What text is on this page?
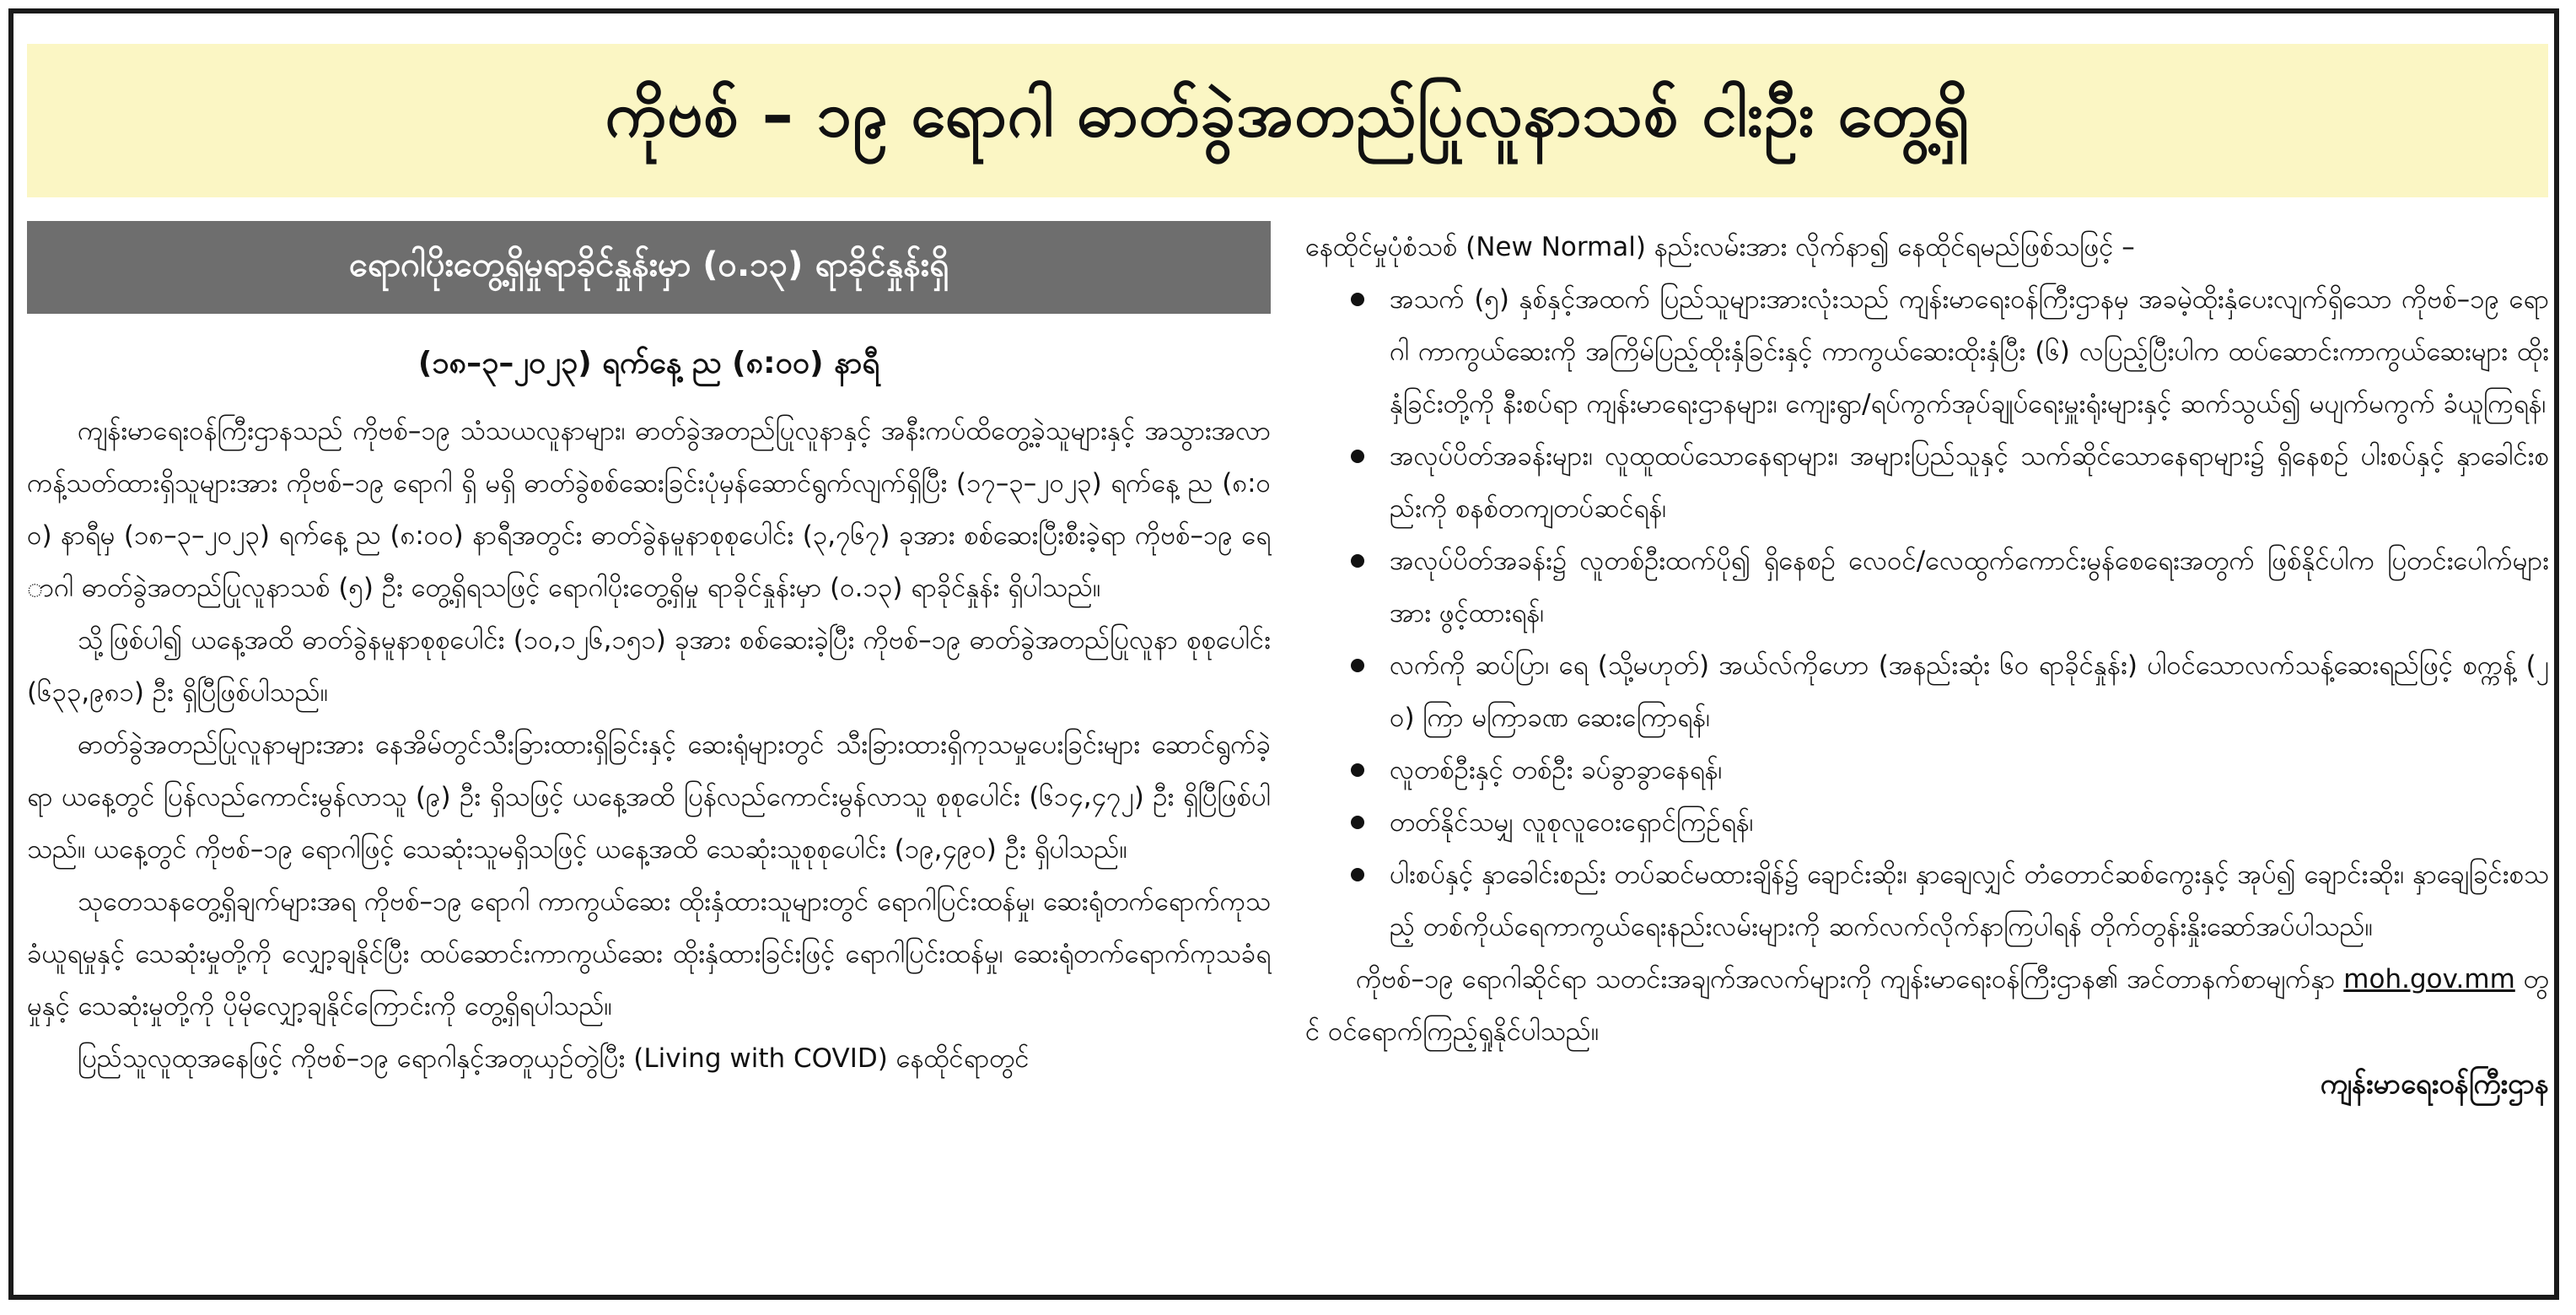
ကိုဗစ် – ၁၉ ရောဂါ ဓာတ်ခွဲအတည်ပြုလူနာသစ် ငါးဦး တွေ့ရှိ
ရောဂါပိုးတွေ့ရှိမှုရာခိုင်နှုန်းမှာ (၀.၁၃) ရာခိုင်နှုန်းရှိ
(၁၈–၃–၂၀၂၃) ရက်နေ့ ည (၈:၀၀) နာရီ

ကျန်းမာရေးဝန်ကြီးဌာနသည် ကိုဗစ်–၁၉ သံသယလူနာများ၊ ဓာတ်ခွဲအတည်ပြုလူနာနှင့် အနီးကပ်ထိတွေ့ခဲ့သူများနှင့် အသွားအလာကန့်သတ်ထားရှိသူများအား ကိုဗစ်–၁၉ ရောဂါ ရှိ မရှိ ဓာတ်ခွဲစစ်ဆေးခြင်းပုံမှန်ဆောင်ရွက်လျက်ရှိပြီး (၁၇–၃–၂၀၂၃) ရက်နေ့ ည (၈:၀၀) နာရီမှ (၁၈–၃–၂၀၂၃) ရက်နေ့ ည (၈:၀၀) နာရီအတွင်း ဓာတ်ခွဲနမူနာစုစုပေါင်း (၃,၇၆၇) ခုအား စစ်ဆေးပြီးစီးခဲ့ရာ ကိုဗစ်–၁၉ ရောဂါ ဓာတ်ခွဲအတည်ပြုလူနာသစ် (၅) ဦး တွေ့ရှိရသဖြင့် ရောဂါပိုးတွေ့ရှိမှု ရာခိုင်နှုန်းမှာ (၀.၁၃) ရာခိုင်နှုန်း ရှိပါသည်။

သို့ဖြစ်ပါ၍ ယနေ့အထိ ဓာတ်ခွဲနမူနာစုစုပေါင်း (၁၀,၁၂၆,၁၅၁) ခုအား စစ်ဆေးခဲ့ပြီး ကိုဗစ်–၁၉ ဓာတ်ခွဲအတည်ပြုလူနာ စုစုပေါင်း (၆၃၃,၉၈၁) ဦး ရှိပြီဖြစ်ပါသည်။

ဓာတ်ခွဲအတည်ပြုလူနာများအား နေအိမ်တွင်သီးခြားထားရှိခြင်းနှင့် ဆေးရုံများတွင် သီးခြားထားရှိကုသမှုပေးခြင်းများ ဆောင်ရွက်ခဲ့ရာ ယနေ့တွင် ပြန်လည်ကောင်းမွန်လာသူ (၉) ဦး ရှိသဖြင့် ယနေ့အထိ ပြန်လည်ကောင်းမွန်လာသူ စုစုပေါင်း (၆၁၄,၄၇၂) ဦး ရှိပြီဖြစ်ပါသည်။ ယနေ့တွင် ကိုဗစ်–၁၉ ရောဂါဖြင့် သေဆုံးသူမရှိသဖြင့် ယနေ့အထိ သေဆုံးသူစုစုပေါင်း (၁၉,၄၉၀) ဦး ရှိပါသည်။

သုတေသနတွေ့ရှိချက်များအရ ကိုဗစ်–၁၉ ရောဂါ ကာကွယ်ဆေး ထိုးနှံထားသူများတွင် ရောဂါပြင်းထန်မှု၊ ဆေးရုံတက်ရောက်ကုသခံယူရမှုနှင့် သေဆုံးမှုတို့ကို လျှော့ချနိုင်ပြီး ထပ်ဆောင်းကာကွယ်ဆေး ထိုးနှံထားခြင်းဖြင့် ရောဂါပြင်းထန်မှု၊ ဆေးရုံတက်ရောက်ကုသခံရမှုနှင့် သေဆုံးမှုတို့ကို ပိုမိုလျှော့ချနိုင်ကြောင်းကို တွေ့ရှိရပါသည်။

ပြည်သူလူထုအနေဖြင့် ကိုဗစ်–၁၉ ရောဂါနှင့်အတူယှဉ်တွဲပြီး (Living with COVID) နေထိုင်ရာတွင်

နေထိုင်မှုပုံစံသစ် (New Normal) နည်းလမ်းအား လိုက်နာ၍ နေထိုင်ရမည်ဖြစ်သဖြင့် –

အသက် (၅) နှစ်နှင့်အထက် ပြည်သူများအားလုံးသည် ကျန်းမာရေးဝန်ကြီးဌာနမှ အခမဲ့ထိုးနှံပေးလျက်ရှိသော ကိုဗစ်–၁၉ ရောဂါ ကာကွယ်ဆေးကို အကြိမ်ပြည့်ထိုးနှံခြင်းနှင့် ကာကွယ်ဆေးထိုးနှံပြီး (၆) လပြည့်ပြီးပါက ထပ်ဆောင်းကာကွယ်ဆေးများ ထိုးနှံခြင်းတို့ကို နီးစပ်ရာ ကျန်းမာရေးဌာနများ၊ ကျေးရွာ/ရပ်ကွက်အုပ်ချုပ်ရေးမှူးရုံးများနှင့် ဆက်သွယ်၍ မပျက်မကွက် ခံယူကြရန်၊
အလုပ်ပိတ်အခန်းများ၊ လူထူထပ်သောနေရာများ၊ အများပြည်သူနှင့် သက်ဆိုင်သောနေရာများ၌ ရှိနေစဉ် ပါးစပ်နှင့် နှာခေါင်းစည်းကို စနစ်တကျတပ်ဆင်ရန်၊
အလုပ်ပိတ်အခန်း၌ လူတစ်ဦးထက်ပို၍ ရှိနေစဉ် လေဝင်/လေထွက်ကောင်းမွန်စေရေးအတွက် ဖြစ်နိုင်ပါက ပြတင်းပေါက်များအား ဖွင့်ထားရန်၊
လက်ကို ဆပ်ပြာ၊ ရေ (သို့မဟုတ်) အယ်လ်ကိုဟော (အနည်းဆုံး ၆၀ ရာခိုင်နှုန်း) ပါဝင်သောလက်သန့်ဆေးရည်ဖြင့် စက္ကန့် (၂၀) ကြာ မကြာခဏ ဆေးကြောရန်၊
လူတစ်ဦးနှင့် တစ်ဦး ခပ်ခွာခွာနေရန်၊
တတ်နိုင်သမျှ လူစုလူဝေးရှောင်ကြဉ်ရန်၊
ပါးစပ်နှင့် နှာခေါင်းစည်း တပ်ဆင်မထားချိန်၌ ချောင်းဆိုး၊ နှာချေလျှင် တံတောင်ဆစ်ကွေးနှင့် အုပ်၍ ချောင်းဆိုး၊ နှာချေခြင်းစသည့် တစ်ကိုယ်ရေကာကွယ်ရေးနည်းလမ်းများကို ဆက်လက်လိုက်နာကြပါရန် တိုက်တွန်းနှိုးဆော်အပ်ပါသည်။

ကိုဗစ်–၁၉ ရောဂါဆိုင်ရာ သတင်းအချက်အလက်များကို ကျန်းမာရေးဝန်ကြီးဌာန၏ အင်တာနက်စာမျက်နှာ moh.gov.mm တွင် ဝင်ရောက်ကြည့်ရှုနိုင်ပါသည်။

ကျန်းမာရေးဝန်ကြီးဌာန
